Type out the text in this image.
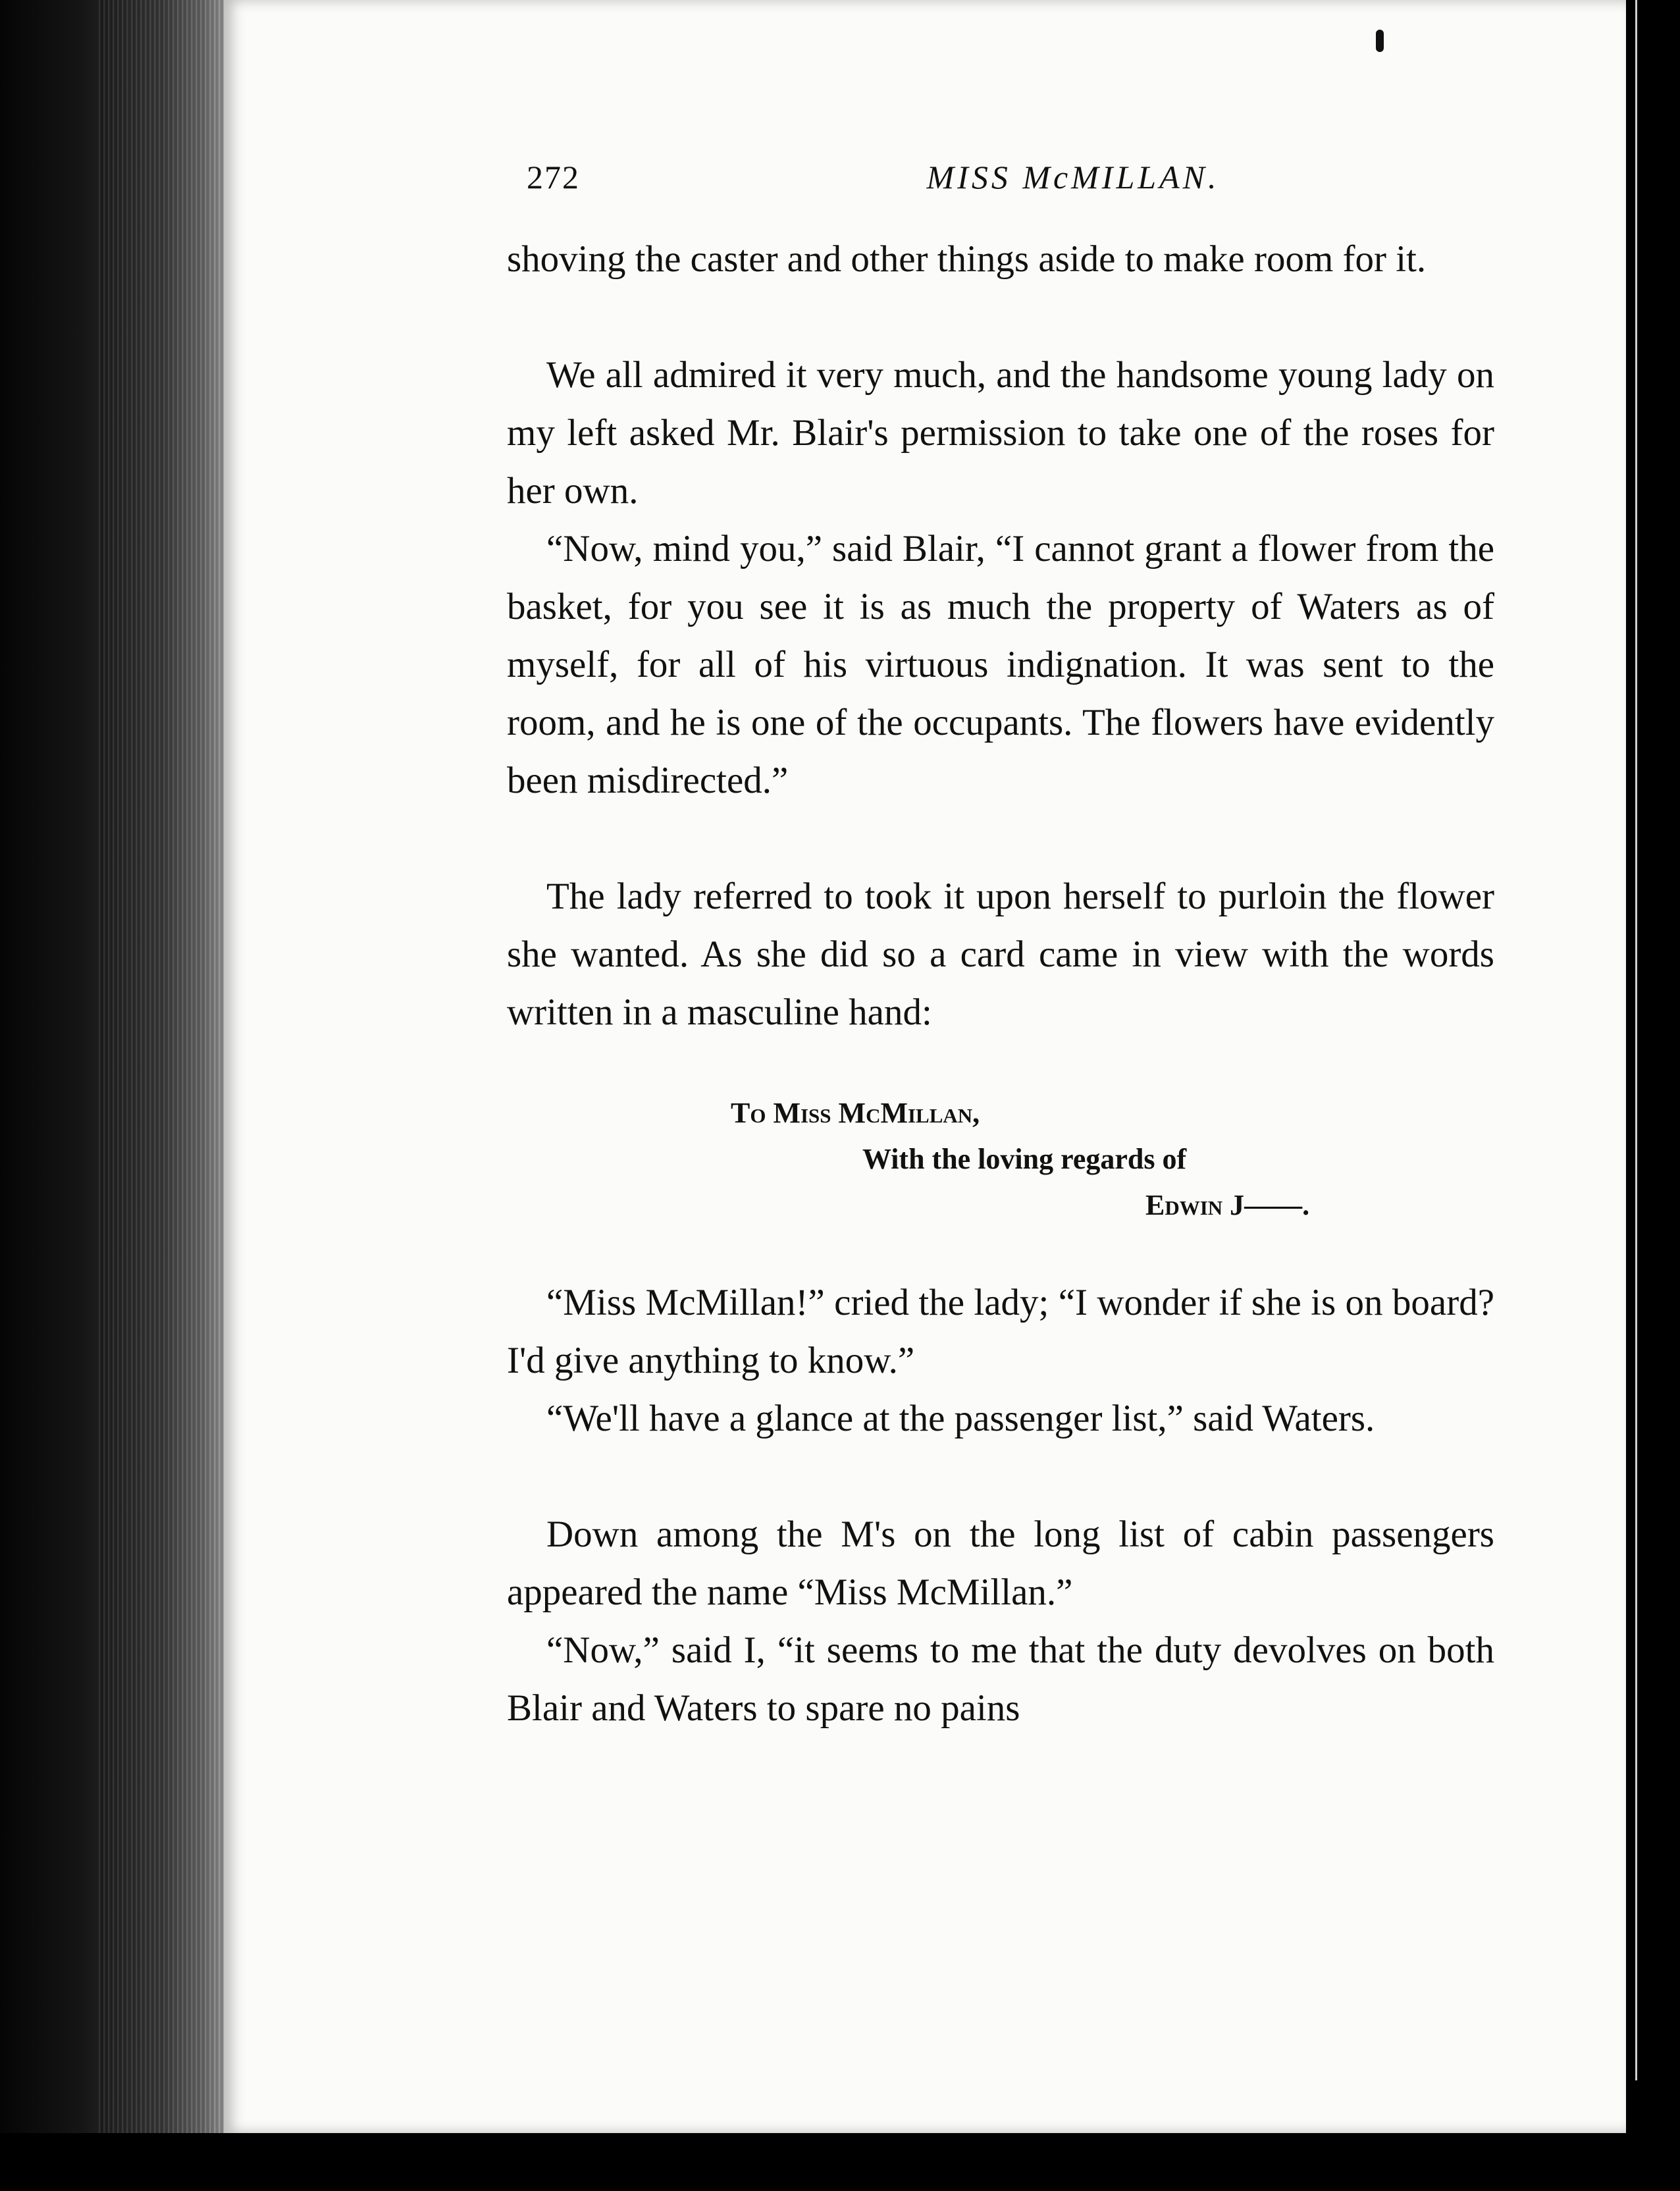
272	MISS McMILLAN.

shoving the caster and other things aside to make room for it.

We all admired it very much, and the handsome young lady on my left asked Mr. Blair's permission to take one of the roses for her own.

“Now, mind you,” said Blair, “I cannot grant a flower from the basket, for you see it is as much the property of Waters as of myself, for all of his virtuous indignation. It was sent to the room, and he is one of the occupants. The flowers have evidently been misdirected.”

The lady referred to took it upon herself to purloin the flower she wanted. As she did so a card came in view with the words written in a masculine hand:

To Miss McMillan,
With the loving regards of
Edwin J——.

“Miss McMillan!” cried the lady; “I wonder if she is on board? I'd give anything to know.”

“We'll have a glance at the passenger list,” said Waters.

Down among the M's on the long list of cabin passengers appeared the name “Miss McMillan.”

“Now,” said I, “it seems to me that the duty devolves on both Blair and Waters to spare no pains
